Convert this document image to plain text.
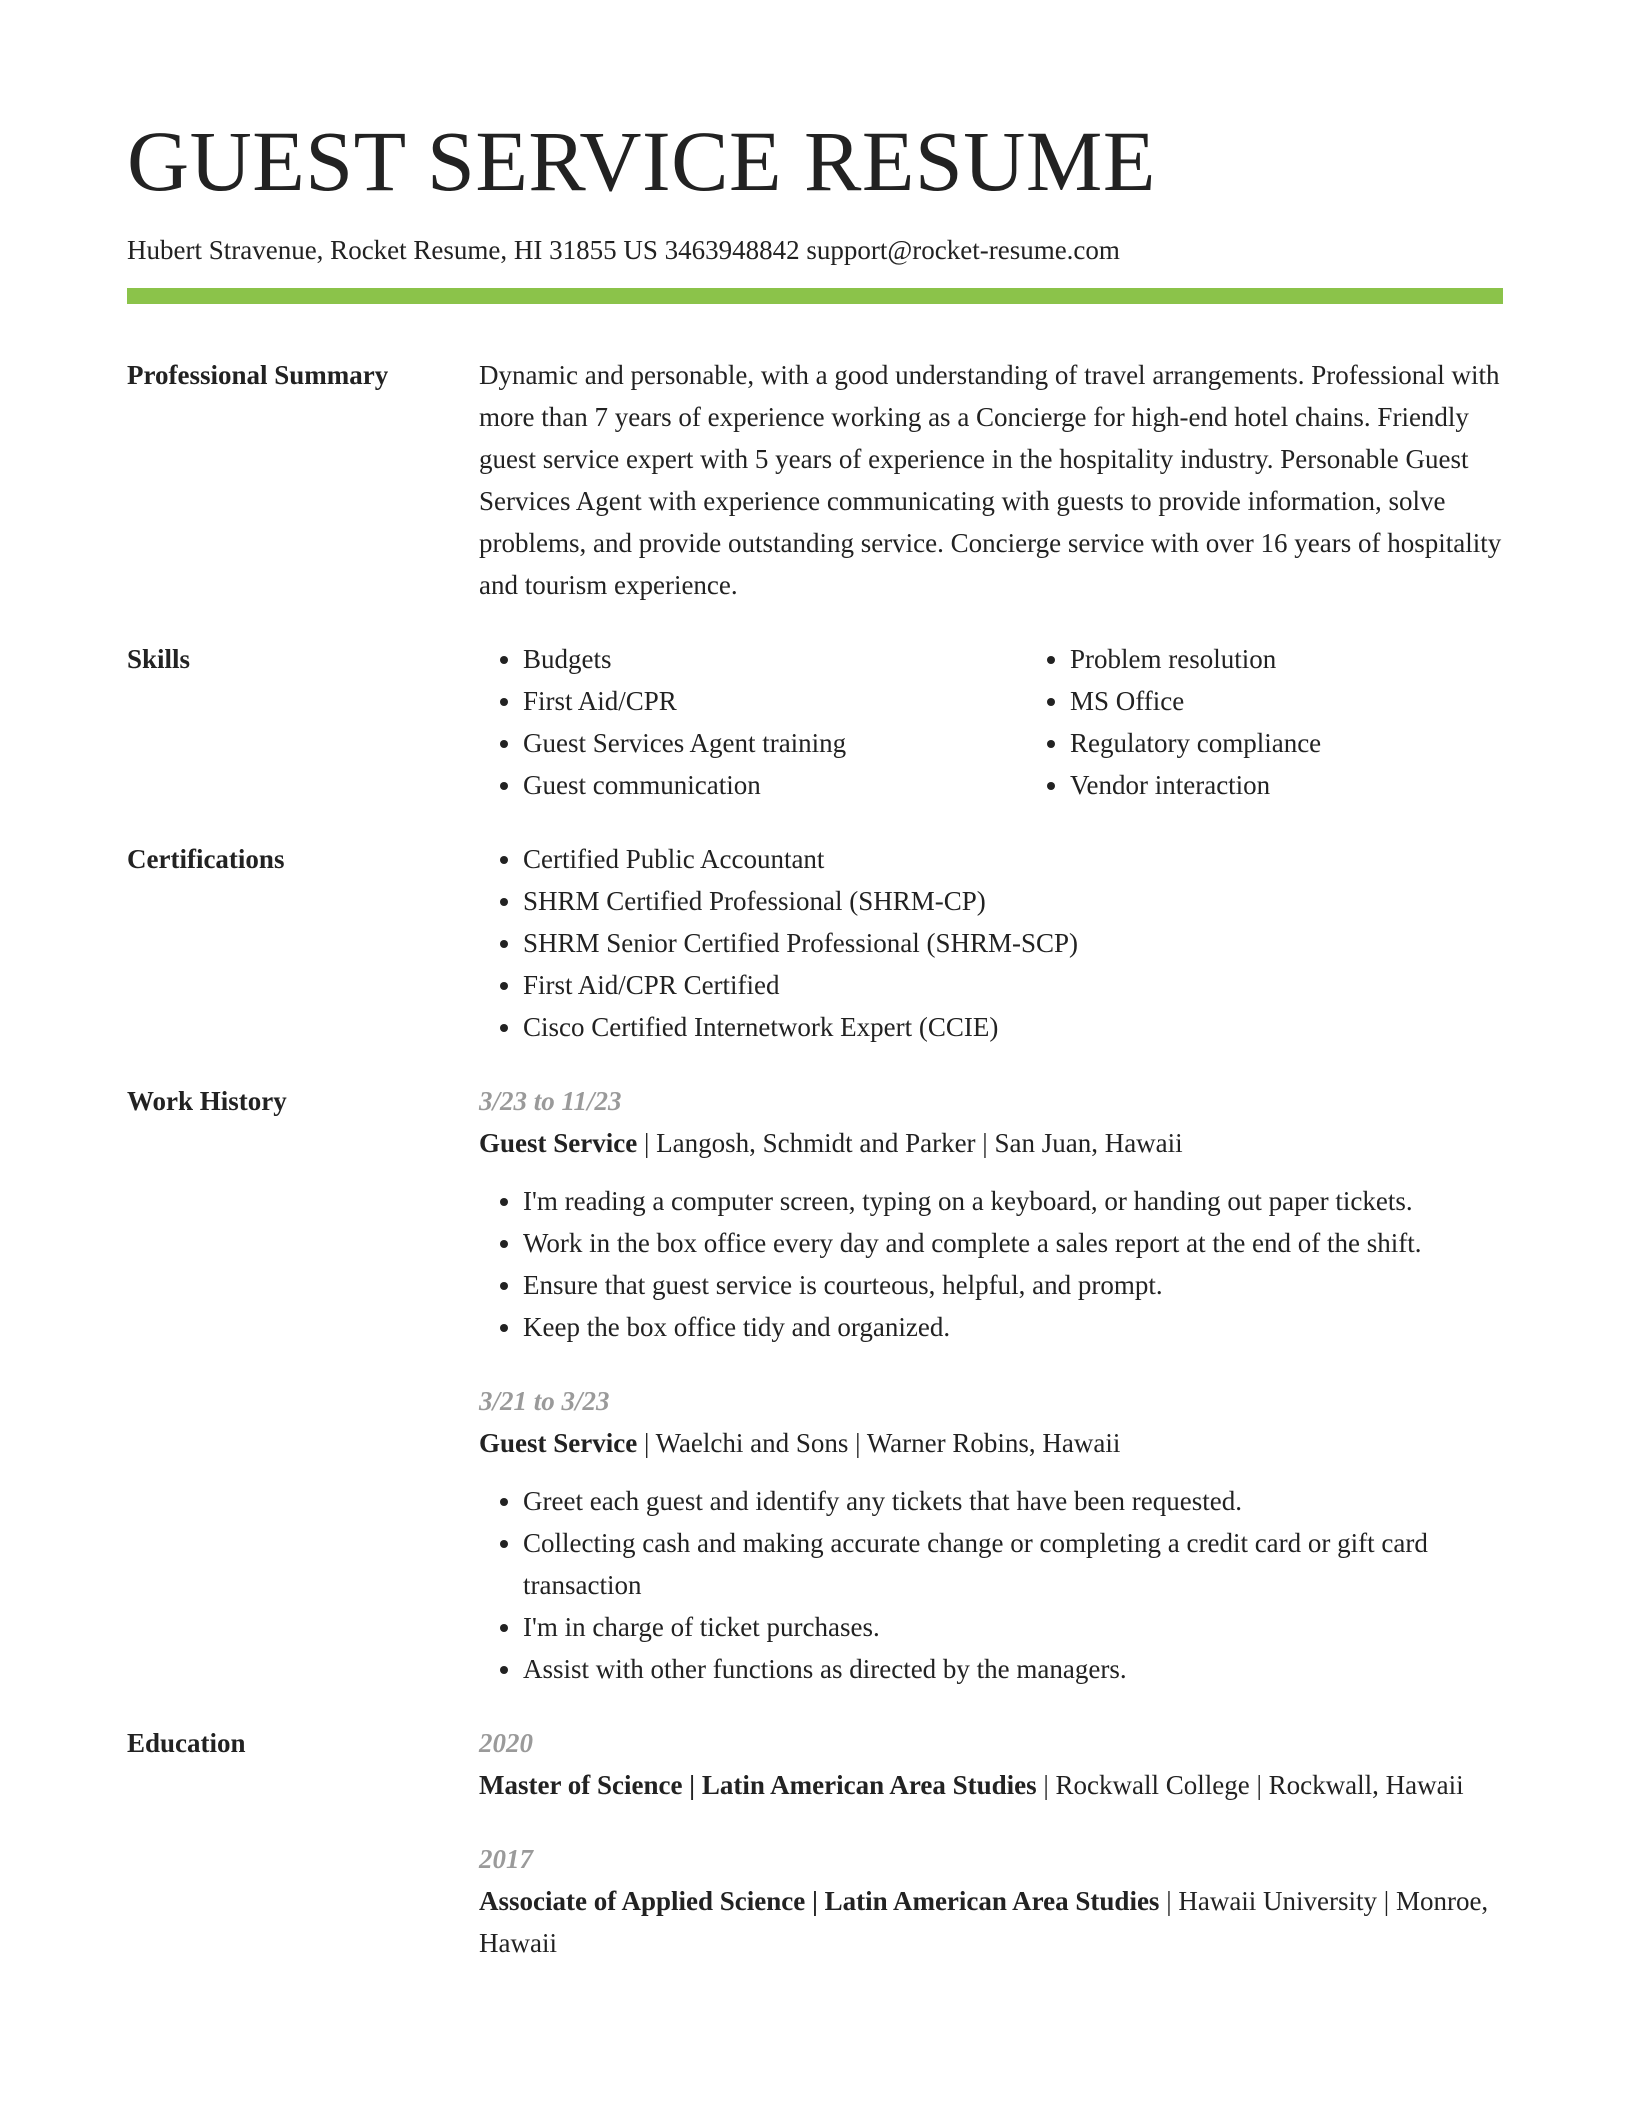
GUEST SERVICE RESUME
Hubert Stravenue, Rocket Resume, HI 31855 US 3463948842 support@rocket-resume.com
Professional Summary	Dynamic and personable, with a good understanding of travel arrangements. Professional with more than 7 years of experience working as a Concierge for high-end hotel chains. Friendly guest service expert with 5 years of experience in the hospitality industry. Personable Guest Services Agent with experience communicating with guests to provide information, solve problems, and provide outstanding service. Concierge service with over 16 years of hospitality and tourism experience.
Skills	• Budgets
• First Aid/CPR
• Guest Services Agent training
• Guest communication
• Problem resolution
• MS Office
• Regulatory compliance
• Vendor interaction
Certifications	• Certified Public Accountant
• SHRM Certified Professional (SHRM-CP)
• SHRM Senior Certified Professional (SHRM-SCP)
• First Aid/CPR Certified
• Cisco Certified Internetwork Expert (CCIE)
Work History	3/23 to 11/23
Guest Service | Langosh, Schmidt and Parker | San Juan, Hawaii
• I'm reading a computer screen, typing on a keyboard, or handing out paper tickets.
• Work in the box office every day and complete a sales report at the end of the shift.
• Ensure that guest service is courteous, helpful, and prompt.
• Keep the box office tidy and organized.
3/21 to 3/23
Guest Service | Waelchi and Sons | Warner Robins, Hawaii
• Greet each guest and identify any tickets that have been requested.
• Collecting cash and making accurate change or completing a credit card or gift card transaction
• I'm in charge of ticket purchases.
• Assist with other functions as directed by the managers.
Education	2020
Master of Science | Latin American Area Studies | Rockwall College | Rockwall, Hawaii
2017
Associate of Applied Science | Latin American Area Studies | Hawaii University | Monroe, Hawaii
